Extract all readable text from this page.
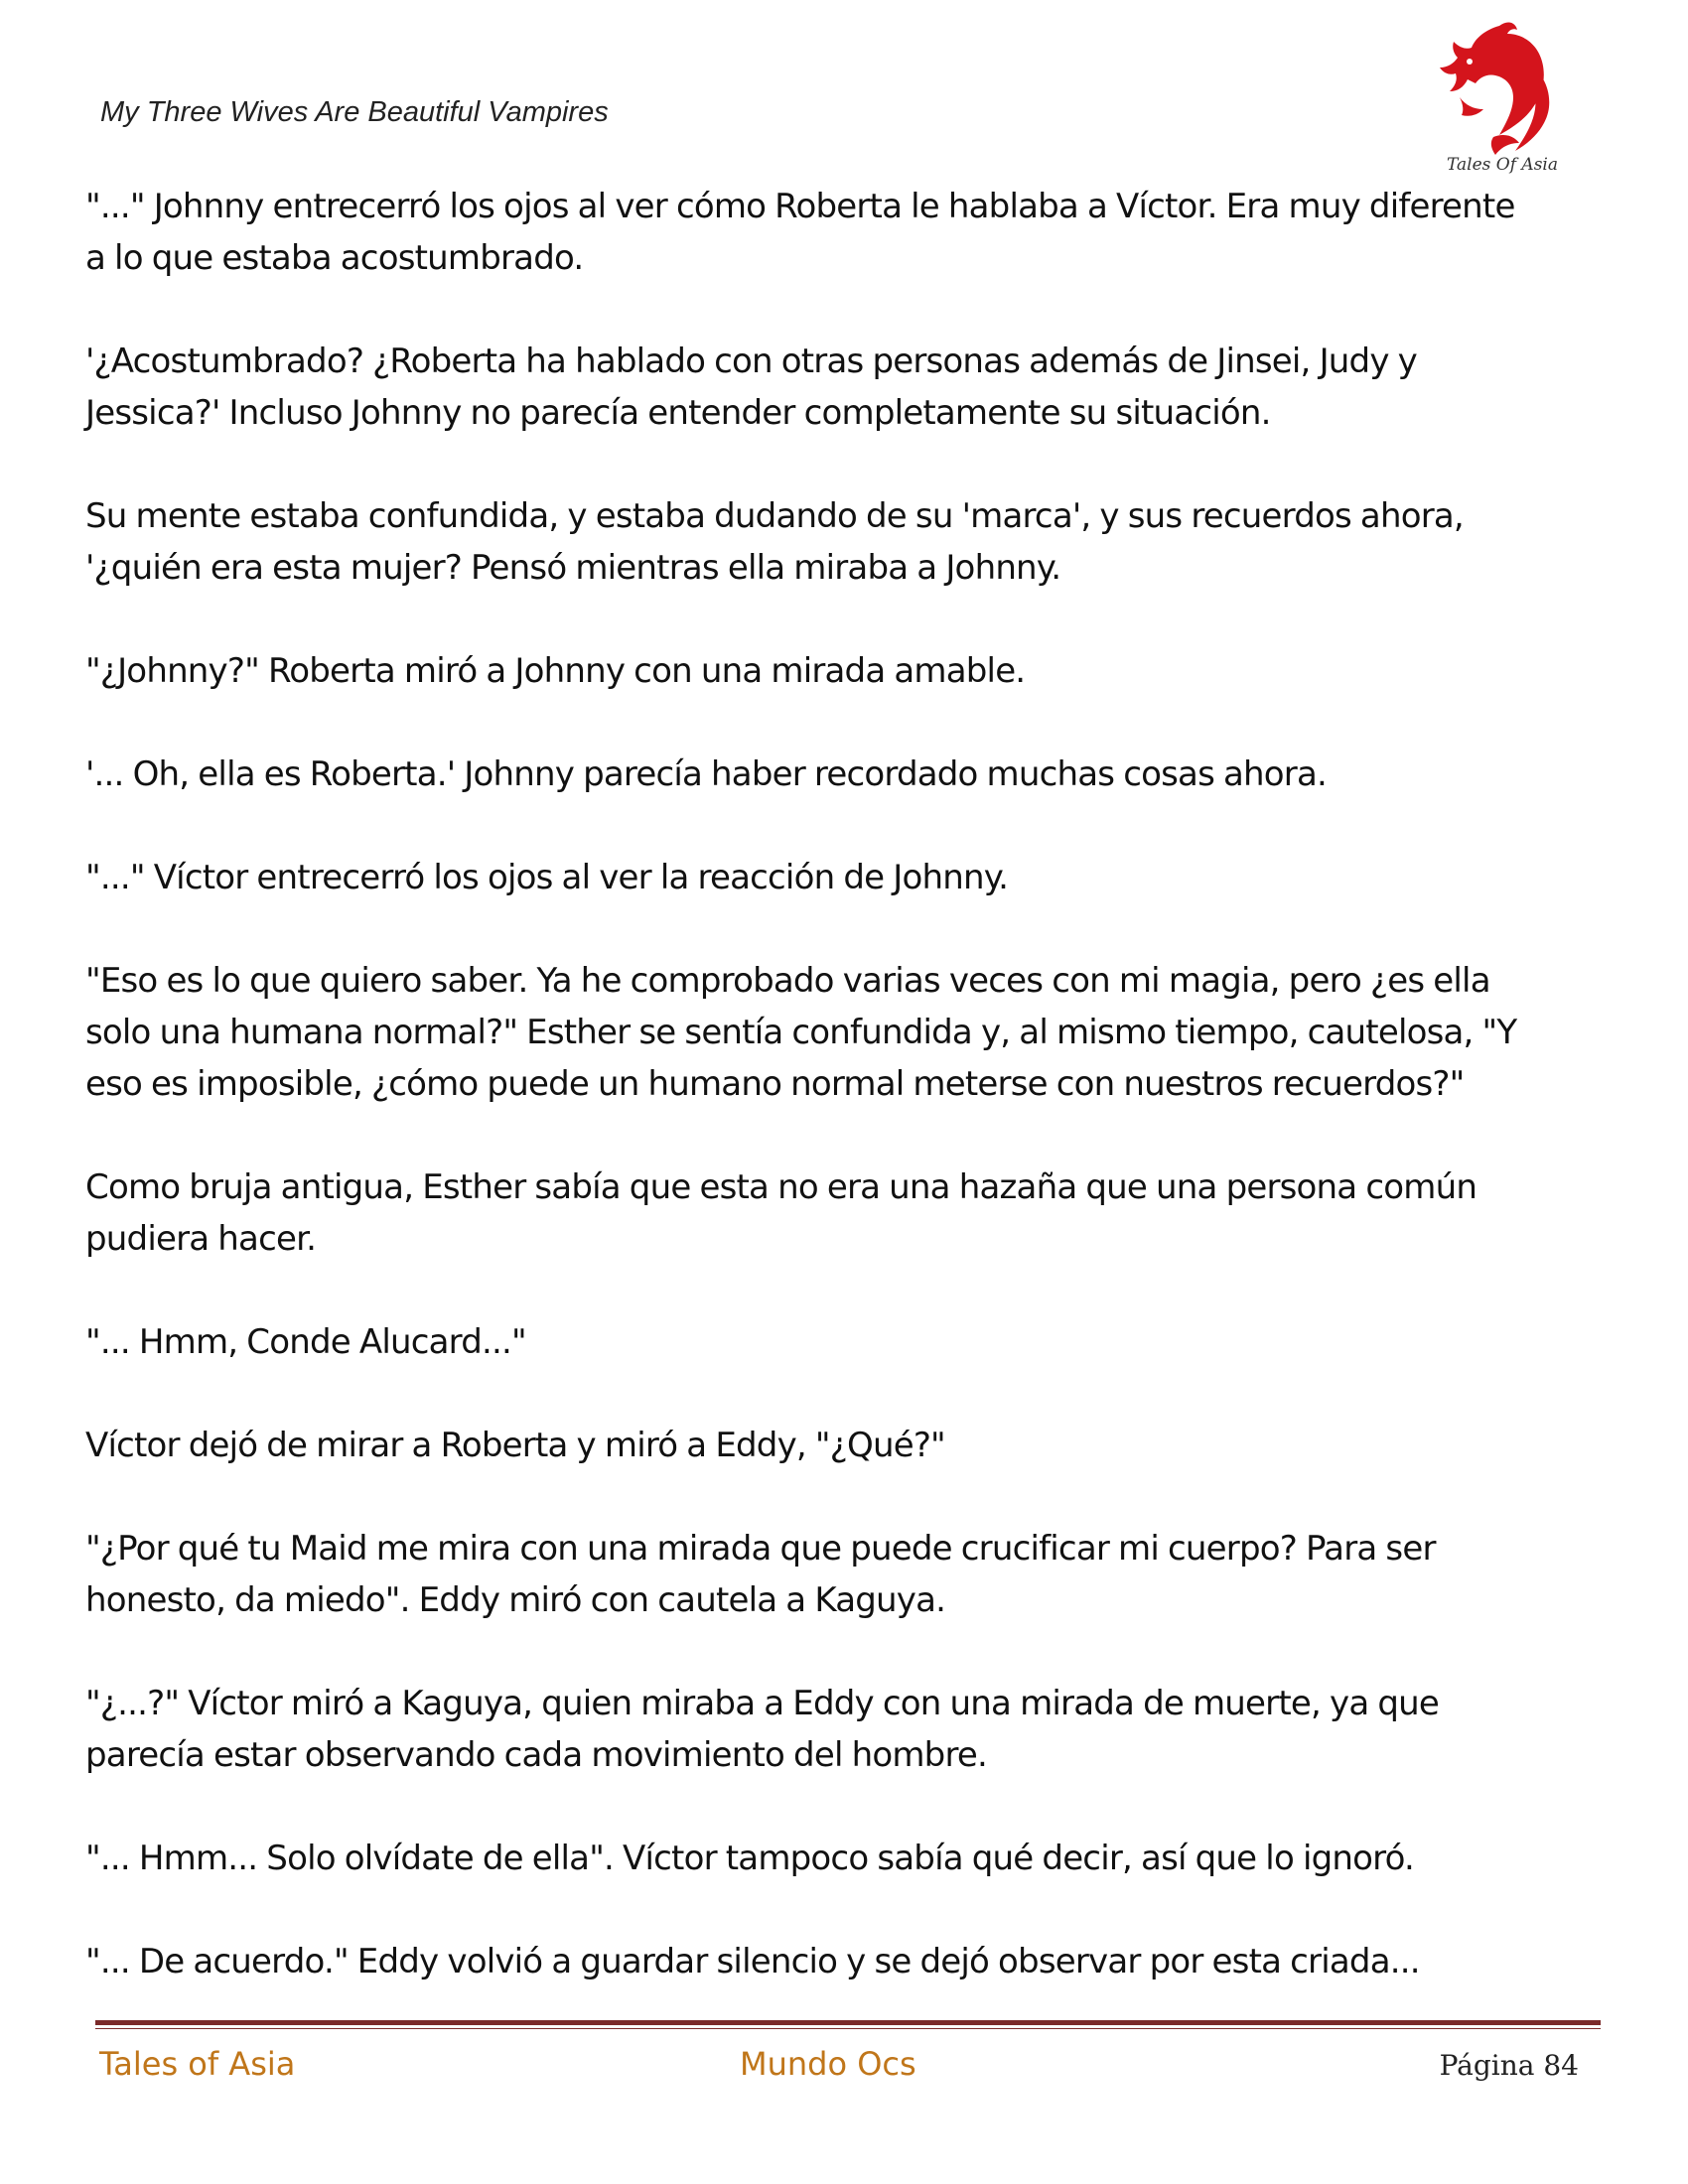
My Three Wives Are Beautiful Vampires
Tales Of Asia

"..." Johnny entrecerró los ojos al ver cómo Roberta le hablaba a Víctor. Era muy diferente
a lo que estaba acostumbrado.

'¿Acostumbrado? ¿Roberta ha hablado con otras personas además de Jinsei, Judy y
Jessica?' Incluso Johnny no parecía entender completamente su situación.

Su mente estaba confundida, y estaba dudando de su 'marca', y sus recuerdos ahora,
'¿quién era esta mujer? Pensó mientras ella miraba a Johnny.

"¿Johnny?" Roberta miró a Johnny con una mirada amable.

'... Oh, ella es Roberta.' Johnny parecía haber recordado muchas cosas ahora.

"..." Víctor entrecerró los ojos al ver la reacción de Johnny.

"Eso es lo que quiero saber. Ya he comprobado varias veces con mi magia, pero ¿es ella
solo una humana normal?" Esther se sentía confundida y, al mismo tiempo, cautelosa, "Y
eso es imposible, ¿cómo puede un humano normal meterse con nuestros recuerdos?"

Como bruja antigua, Esther sabía que esta no era una hazaña que una persona común
pudiera hacer.

"... Hmm, Conde Alucard..."

Víctor dejó de mirar a Roberta y miró a Eddy, "¿Qué?"

"¿Por qué tu Maid me mira con una mirada que puede crucificar mi cuerpo? Para ser
honesto, da miedo". Eddy miró con cautela a Kaguya.

"¿...?" Víctor miró a Kaguya, quien miraba a Eddy con una mirada de muerte, ya que
parecía estar observando cada movimiento del hombre.

"... Hmm... Solo olvídate de ella". Víctor tampoco sabía qué decir, así que lo ignoró.

"... De acuerdo." Eddy volvió a guardar silencio y se dejó observar por esta criada...

Tales of Asia	Mundo Ocs	Página 84
